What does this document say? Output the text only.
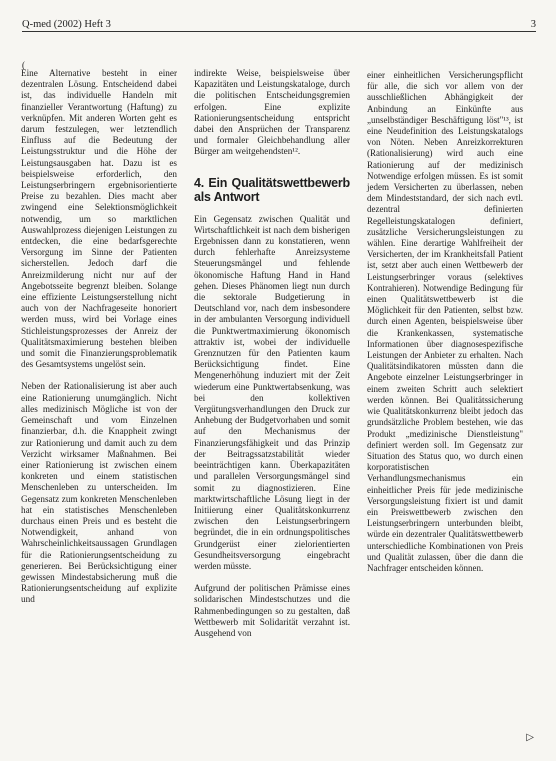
Q-med (2002) Heft 3	3
(

Eine Alternative besteht in einer dezentralen Lösung. Entscheidend dabei ist, das individuelle Handeln mit finanzieller Verantwortung (Haftung) zu verknüpfen. Mit anderen Worten geht es darum festzulegen, wer letztendlich Einfluss auf die Bedeutung der Leistungsstruktur und die Höhe der Leistungsausgaben hat. Dazu ist es beispielsweise erforderlich, den Leistungserbringern ergebnisorientierte Preise zu bezahlen. Dies macht aber zwingend eine Selektionsmöglichkeit notwendig, um so marktlichen Auswahlprozess diejenigen Leistungen zu entdecken, die eine bedarfsgerechte Versorgung im Sinne der Patienten sicherstellen. Jedoch darf die Anreizmilderung nicht nur auf der Angebotsseite begrenzt bleiben. Solange eine effiziente Leistungserstellung nicht auch von der Nachfrageseite honoriert werden muss, wird bei Vorlage eines Stichleistungsprozesses der Anreiz der Qualitätsmaximierung bestehen bleiben und somit die Finanzierungsproblematik des Gesamtsystems ungelöst sein.

Neben der Rationalisierung ist aber auch eine Rationierung unumgänglich. Nicht alles medizinisch Mögliche ist von der Gemeinschaft und vom Einzelnen finanzierbar, d.h. die Knappheit zwingt zur Rationierung und damit auch zu dem Verzicht wirksamer Maßnahmen. Bei einer Rationierung ist zwischen einem konkreten und einem statistischen Menschenleben zu unterscheiden. Im Gegensatz zum konkreten Menschenleben hat ein statistisches Menschenleben durchaus einen Preis und es besteht die Notwendigkeit, anhand von Wahrscheinlichkeitsaussagen Grundlagen für die Rationierungsentscheidung zu generieren. Bei Berücksichtigung einer gewissen Mindestabsicherung muß die Rationierungsentscheidung auf explizite und

indirekte Weise, beispielsweise über Kapazitäten und Leistungskataloge, durch die politischen Entscheidungsgremien erfolgen. Eine explizite Rationierungsentscheidung entspricht dabei den Ansprüchen der Transparenz und formaler Gleichbehandlung aller Bürger am weitgehendsten¹².

4. Ein Qualitätswettbewerb als Antwort

Ein Gegensatz zwischen Qualität und Wirtschaftlichkeit ist nach dem bisherigen Ergebnissen dann zu konstatieren, wenn durch fehlerhafte Anreizsysteme Steuerungsmängel und fehlende ökonomische Haftung Hand in Hand gehen. Dieses Phänomen liegt nun durch die sektorale Budgetierung in Deutschland vor, nach dem insbesondere in der ambulanten Versorgung individuell die Punktwertmaximierung ökonomisch attraktiv ist, wobei der individuelle Grenznutzen für den Patienten kaum Berücksichtigung findet. Eine Mengenerhöhung induziert mit der Zeit wiederum eine Punktwertabsenkung, was bei den kollektiven Vergütungsverhandlungen den Druck zur Anhebung der Budgetvorhaben und somit auf den Mechanismus der Finanzierungsfähigkeit und das Prinzip der Beitragssatzstabilität wieder beeinträchtigen kann. Überkapazitäten und parallelen Versorgungsmängel sind somit zu diagnostizieren. Eine marktwirtschaftliche Lösung liegt in der Initiierung einer Qualitätskonkurrenz zwischen den Leistungserbringern begründet, die in ein ordnungspolitisches Grundgerüst einer zielorientierten Gesundheitsversorgung eingebracht werden müsste.

Aufgrund der politischen Prämisse eines solidarischen Mindestschutzes und die Rahmenbedingungen so zu gestalten, daß Wettbewerb mit Solidarität verzahnt ist. Ausgehend von

einer einheitlichen Versicherungspflicht für alle, die sich vor allem von der ausschließlichen Abhängigkeit der Anbindung an Einkünfte aus „unselbständiger Beschäftigung löst"¹³, ist eine Neudefinition des Leistungskatalogs von Nöten. Neben Anreizkorrekturen (Rationalisierung) wird auch eine Rationierung auf der medizinisch Notwendige erfolgen müssen. Es ist somit jedem Versicherten zu überlassen, neben dem Mindeststandard, der sich nach evtl. dezentral definierten Regelleistungskatalogen definiert, zusätzliche Versicherungsleistungen zu wählen. Eine derartige Wahlfreiheit der Versicherten, der im Krankheitsfall Patient ist, setzt aber auch einen Wettbewerb der Leistungserbringer voraus (selektives Kontrahieren). Notwendige Bedingung für einen Qualitätswettbewerb ist die Möglichkeit für den Patienten, selbst bzw. durch einen Agenten, beispielsweise über die Krankenkassen, systematische Informationen über diagnosespezifische Leistungen der Anbieter zu erhalten. Nach Qualitätsindikatoren müssten dann die Angebote einzelner Leistungserbringer in einem zweiten Schritt auch selektiert werden können. Bei Qualitätssicherung wie Qualitätskonkurrenz bleibt jedoch das grundsätzliche Problem bestehen, wie das Produkt „medizinische Dienstleistung" definiert werden soll. Im Gegensatz zur Situation des Status quo, wo durch einen korporatistischen Verhandlungsmechanismus ein einheitlicher Preis für jede medizinische Versorgungsleistung fixiert ist und damit ein Preiswettbewerb zwischen den Leistungserbringern unterbunden bleibt, würde ein dezentraler Qualitätswettbewerb unterschiedliche Kombinationen von Preis und Qualität zulassen, über die dann die Nachfrager entscheiden können.

▷
